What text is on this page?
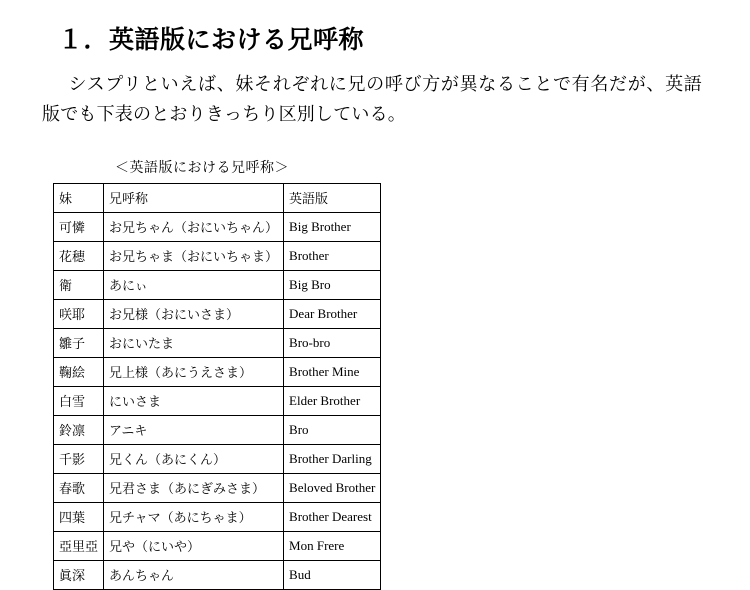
１．英語版における兄呼称

シスプリといえば、妹それぞれに兄の呼び方が異なることで有名だが、英語版でも下表のとおりきっちり区別している。

＜英語版における兄呼称＞

妹	兄呼称	英語版
可憐	お兄ちゃん（おにいちゃん）	Big Brother
花穂	お兄ちゃま（おにいちゃま）	Brother
衛	あにぃ	Big Bro
咲耶	お兄様（おにいさま）	Dear Brother
雛子	おにいたま	Bro-bro
鞠絵	兄上様（あにうえさま）	Brother Mine
白雪	にいさま	Elder Brother
鈴凛	アニキ	Bro
千影	兄くん（あにくん）	Brother Darling
春歌	兄君さま（あにぎみさま）	Beloved Brother
四葉	兄チャマ（あにちゃま）	Brother Dearest
亞里亞	兄や（にいや）	Mon Frere
眞深	あんちゃん	Bud
